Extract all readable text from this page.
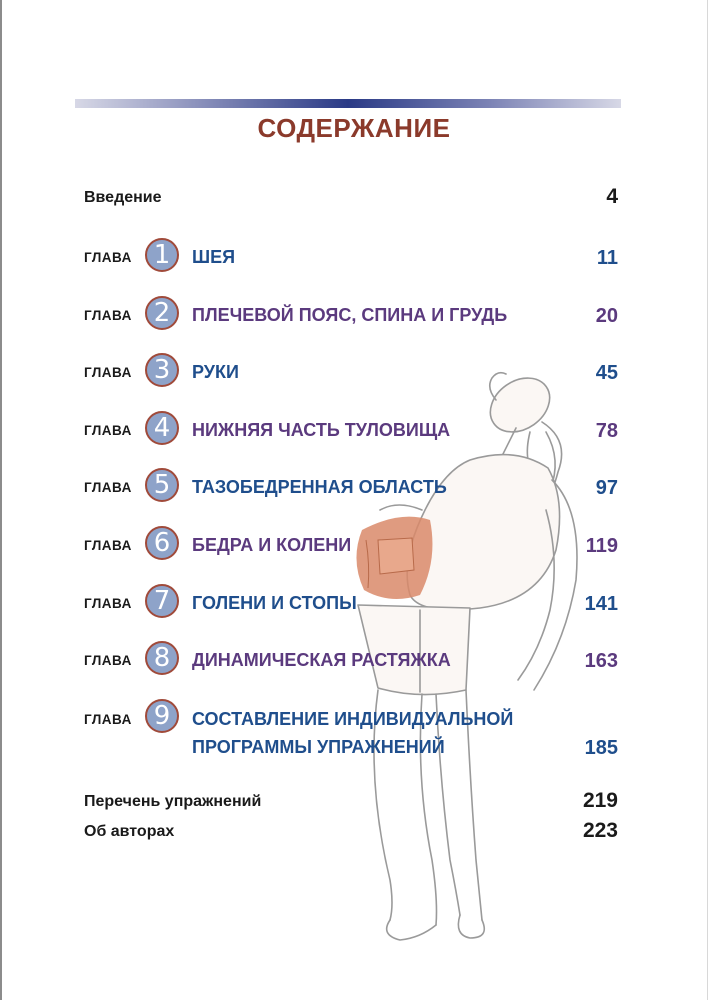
СОДЕРЖАНИЕ
Введение	4
ГЛАВА 1	ШЕЯ	11
ГЛАВА 2	ПЛЕЧЕВОЙ ПОЯС, СПИНА И ГРУДЬ	20
ГЛАВА 3	РУКИ	45
ГЛАВА 4	НИЖНЯЯ ЧАСТЬ ТУЛОВИЩА	78
ГЛАВА 5	ТАЗОБЕДРЕННАЯ ОБЛАСТЬ	97
ГЛАВА 6	БЕДРА И КОЛЕНИ	119
ГЛАВА 7	ГОЛЕНИ И СТОПЫ	141
ГЛАВА 8	ДИНАМИЧЕСКАЯ РАСТЯЖКА	163
ГЛАВА 9	СОСТАВЛЕНИЕ ИНДИВИДУАЛЬНОЙ
ПРОГРАММЫ УПРАЖНЕНИЙ	185
Перечень упражнений	219
Об авторах	223
